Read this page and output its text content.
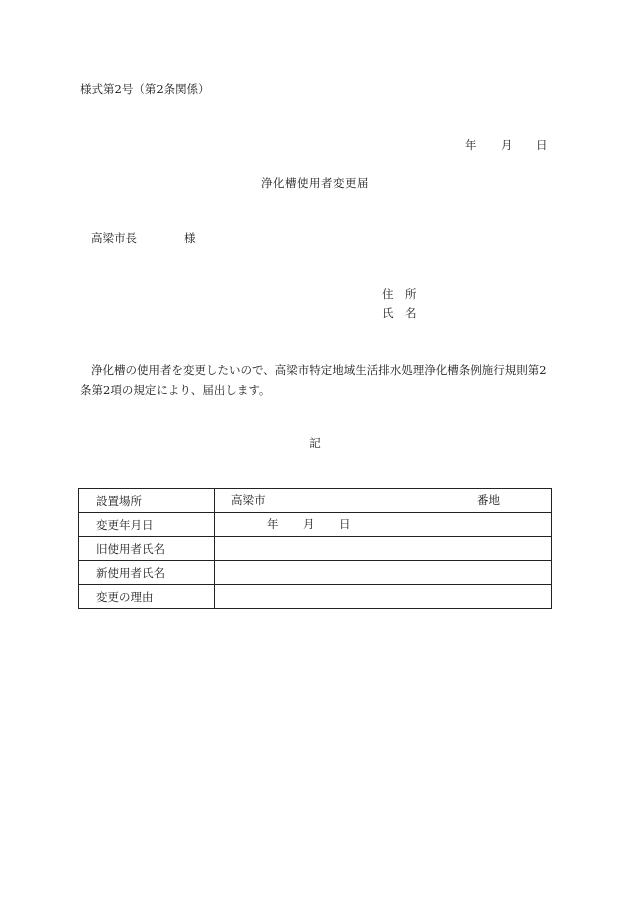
様式第2号（第2条関係）
年 月 日
浄化槽使用者変更届
高梁市長	様
住 所
氏 名
浄化槽の使用者を変更したいので、高梁市特定地域生活排水処理浄化槽条例施行規則第2条第2項の規定により、届出します。
記
設置場所	高梁市 番地

変更年月日	年 月 日

旧使用者氏名	
新使用者氏名	
変更の理由	
